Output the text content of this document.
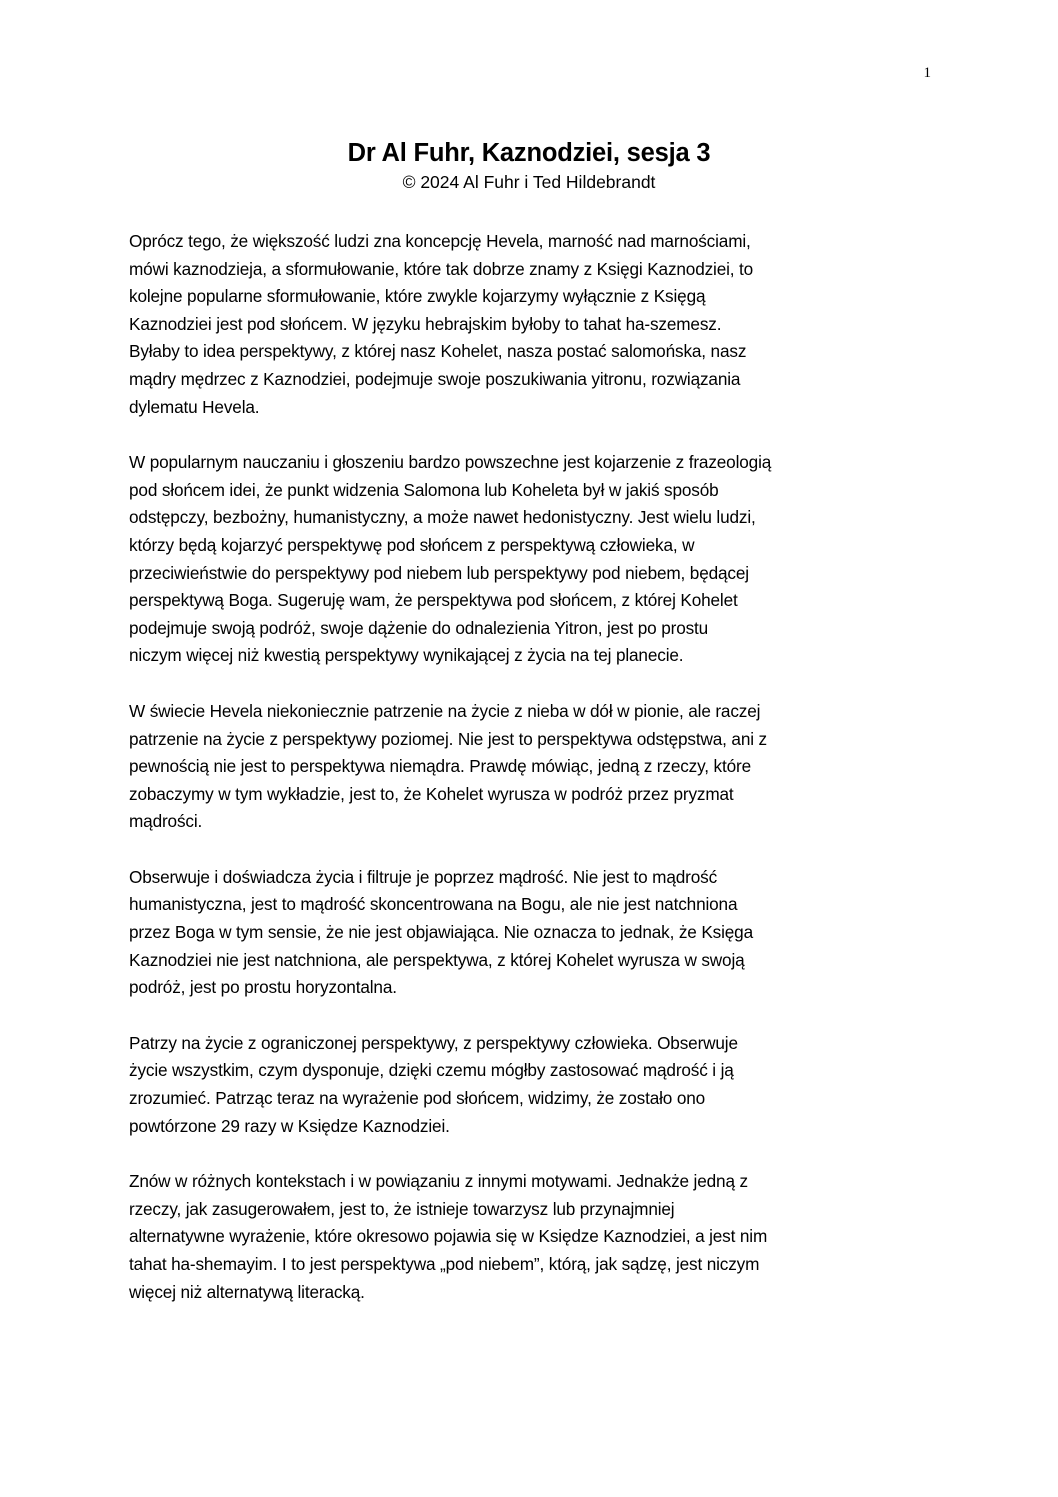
1
Dr Al Fuhr, Kaznodziei, sesja 3

© 2024 Al Fuhr i Ted Hildebrandt

Oprócz tego, że większość ludzi zna koncepcję Hevela, marność nad marnościami,
mówi kaznodzieja, a sformułowanie, które tak dobrze znamy z Księgi Kaznodziei, to
kolejne popularne sformułowanie, które zwykle kojarzymy wyłącznie z Księgą
Kaznodziei jest pod słońcem. W języku hebrajskim byłoby to tahat ha-szemesz.
Byłaby to idea perspektywy, z której nasz Kohelet, nasza postać salomońska, nasz
mądry mędrzec z Kaznodziei, podejmuje swoje poszukiwania yitronu, rozwiązania
dylematu Hevela.

W popularnym nauczaniu i głoszeniu bardzo powszechne jest kojarzenie z frazeologią
pod słońcem idei, że punkt widzenia Salomona lub Koheleta był w jakiś sposób
odstępczy, bezbożny, humanistyczny, a może nawet hedonistyczny. Jest wielu ludzi,
którzy będą kojarzyć perspektywę pod słońcem z perspektywą człowieka, w
przeciwieństwie do perspektywy pod niebem lub perspektywy pod niebem, będącej
perspektywą Boga. Sugeruję wam, że perspektywa pod słońcem, z której Kohelet
podejmuje swoją podróż, swoje dążenie do odnalezienia Yitron, jest po prostu
niczym więcej niż kwestią perspektywy wynikającej z życia na tej planecie.

W świecie Hevela niekoniecznie patrzenie na życie z nieba w dół w pionie, ale raczej
patrzenie na życie z perspektywy poziomej. Nie jest to perspektywa odstępstwa, ani z
pewnością nie jest to perspektywa niemądra. Prawdę mówiąc, jedną z rzeczy, które
zobaczymy w tym wykładzie, jest to, że Kohelet wyrusza w podróż przez pryzmat
mądrości.

Obserwuje i doświadcza życia i filtruje je poprzez mądrość. Nie jest to mądrość
humanistyczna, jest to mądrość skoncentrowana na Bogu, ale nie jest natchniona
przez Boga w tym sensie, że nie jest objawiająca. Nie oznacza to jednak, że Księga
Kaznodziei nie jest natchniona, ale perspektywa, z której Kohelet wyrusza w swoją
podróż, jest po prostu horyzontalna.

Patrzy na życie z ograniczonej perspektywy, z perspektywy człowieka. Obserwuje
życie wszystkim, czym dysponuje, dzięki czemu mógłby zastosować mądrość i ją
zrozumieć. Patrząc teraz na wyrażenie pod słońcem, widzimy, że zostało ono
powtórzone 29 razy w Księdze Kaznodziei.

Znów w różnych kontekstach i w powiązaniu z innymi motywami. Jednakże jedną z
rzeczy, jak zasugerowałem, jest to, że istnieje towarzysz lub przynajmniej
alternatywne wyrażenie, które okresowo pojawia się w Księdze Kaznodziei, a jest nim
tahat ha-shemayim. I to jest perspektywa „pod niebem”, którą, jak sądzę, jest niczym
więcej niż alternatywą literacką.
